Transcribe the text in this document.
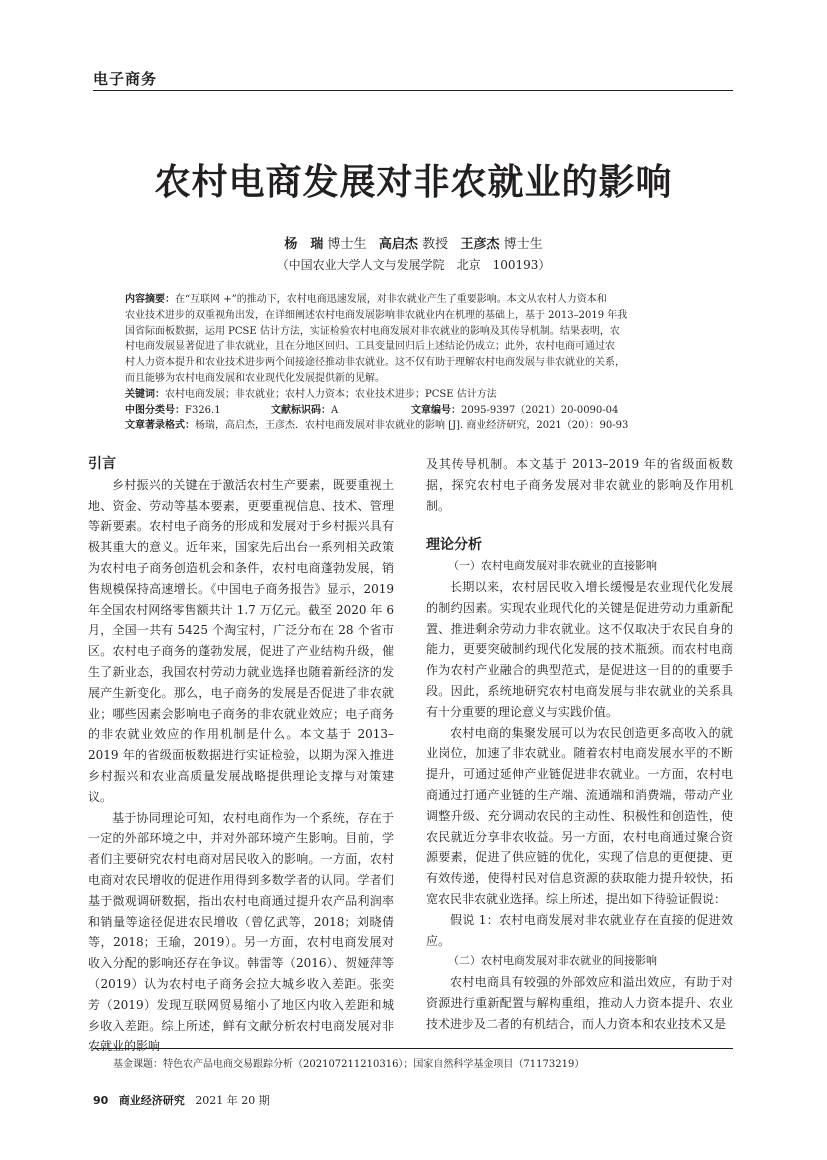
电子商务
农村电商发展对非农就业的影响
杨　瑞 博士生 高启杰 教授 王彦杰 博士生
（中国农业大学人文与发展学院　北京　100193）

内容摘要：在“互联网 +”的推动下，农村电商迅速发展，对非农就业产生了重要影响。本文从农村人力资本和
农业技术进步的双重视角出发，在详细阐述农村电商发展影响非农就业内在机理的基础上，基于 2013–2019 年我
国省际面板数据，运用 PCSE 估计方法，实证检验农村电商发展对非农就业的影响及其传导机制。结果表明，农
村电商发展显著促进了非农就业，且在分地区回归、工具变量回归后上述结论仍成立；此外，农村电商可通过农
村人力资本提升和农业技术进步两个间接途径推动非农就业。这不仅有助于理解农村电商发展与非农就业的关系，
而且能够为农村电商发展和农业现代化发展提供新的见解。

关键词：农村电商发展；非农就业；农村人力资本；农业技术进步；PCSE 估计方法

中图分类号：F326.1	文献标识码：A	文章编号：2095-9397（2021）20-0090-04

文章著录格式：杨瑞，高启杰，王彦杰．农村电商发展对非农就业的影响 [J]. 商业经济研究，2021（20）：90-93

引言

乡村振兴的关键在于激活农村生产要素，既要重视土地、资金、劳动等基本要素，更要重视信息、技术、管理等新要素。农村电子商务的形成和发展对于乡村振兴具有极其重大的意义。近年来，国家先后出台一系列相关政策为农村电子商务创造机会和条件，农村电商蓬勃发展，销售规模保持高速增长。《中国电子商务报告》显示，2019 年全国农村网络零售额共计 1.7 万亿元。截至 2020 年 6 月，全国一共有 5425 个淘宝村，广泛分布在 28 个省市区。农村电子商务的蓬勃发展，促进了产业结构升级，催生了新业态，我国农村劳动力就业选择也随着新经济的发展产生新变化。那么，电子商务的发展是否促进了非农就业；哪些因素会影响电子商务的非农就业效应；电子商务的非农就业效应的作用机制是什么。本文基于 2013–2019 年的省级面板数据进行实证检验，以期为深入推进乡村振兴和农业高质量发展战略提供理论支撑与对策建议。

基于协同理论可知，农村电商作为一个系统，存在于一定的外部环境之中，并对外部环境产生影响。目前，学者们主要研究农村电商对居民收入的影响。一方面，农村电商对农民增收的促进作用得到多数学者的认同。学者们基于微观调研数据，指出农村电商通过提升农产品利润率和销量等途径促进农民增收（曾亿武等，2018；刘晓倩等，2018；王瑜，2019）。另一方面，农村电商发展对收入分配的影响还存在争议。韩雷等（2016）、贺娅萍等（2019）认为农村电子商务会拉大城乡收入差距。张奕芳（2019）发现互联网贸易缩小了地区内收入差距和城乡收入差距。综上所述，鲜有文献分析农村电商发展对非农就业的影响

及其传导机制。本文基于 2013–2019 年的省级面板数据，探究农村电子商务发展对非农就业的影响及作用机制。

理论分析
（一）农村电商发展对非农就业的直接影响

长期以来，农村居民收入增长缓慢是农业现代化发展的制约因素。实现农业现代化的关键是促进劳动力重新配置、推进剩余劳动力非农就业。这不仅取决于农民自身的能力，更要突破制约现代化发展的技术瓶颈。而农村电商作为农村产业融合的典型范式，是促进这一目的的重要手段。因此，系统地研究农村电商发展与非农就业的关系具有十分重要的理论意义与实践价值。

农村电商的集聚发展可以为农民创造更多高收入的就业岗位，加速了非农就业。随着农村电商发展水平的不断提升，可通过延伸产业链促进非农就业。一方面，农村电商通过打通产业链的生产端、流通端和消费端，带动产业调整升级、充分调动农民的主动性、积极性和创造性，使农民就近分享非农收益。另一方面，农村电商通过聚合资源要素，促进了供应链的优化，实现了信息的更便捷、更有效传递，使得村民对信息资源的获取能力提升较快，拓宽农民非农就业选择。综上所述，提出如下待验证假说：

假说 1：农村电商发展对非农就业存在直接的促进效应。

（二）农村电商发展对非农就业的间接影响

农村电商具有较强的外部效应和溢出效应，有助于对资源进行重新配置与解构重组，推动人力资本提升、农业技术进步及二者的有机结合，而人力资本和农业技术又是

基金课题：特色农产品电商交易跟踪分析（202107211210316）；国家自然科学基金项目（71173219）
90 商业经济研究 2021 年 20 期
